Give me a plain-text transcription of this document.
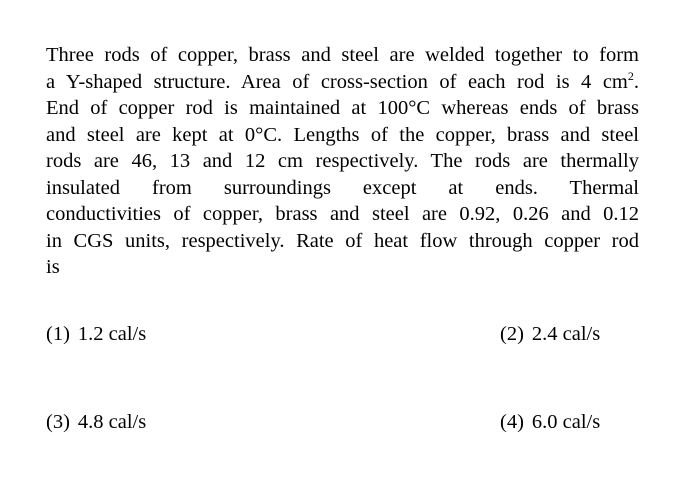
Three rods of copper, brass and steel are welded together to form
a Y-shaped structure. Area of cross-section of each rod is 4 $cm^2$.
End of copper rod is maintained at 100°C whereas ends of brass
and steel are kept at 0°C. Lengths of the copper, brass and steel
rods are 46, 13 and 12 cm respectively. The rods are thermally
insulated from surroundings except at ends. Thermal
conductivities of copper, brass and steel are 0.92, 0.26 and 0.12
in CGS units, respectively. Rate of heat flow through copper rod
is
(1) 1.2 cal/s	(2) 2.4 cal/s
(3) 4.8 cal/s	(4) 6.0 cal/s
